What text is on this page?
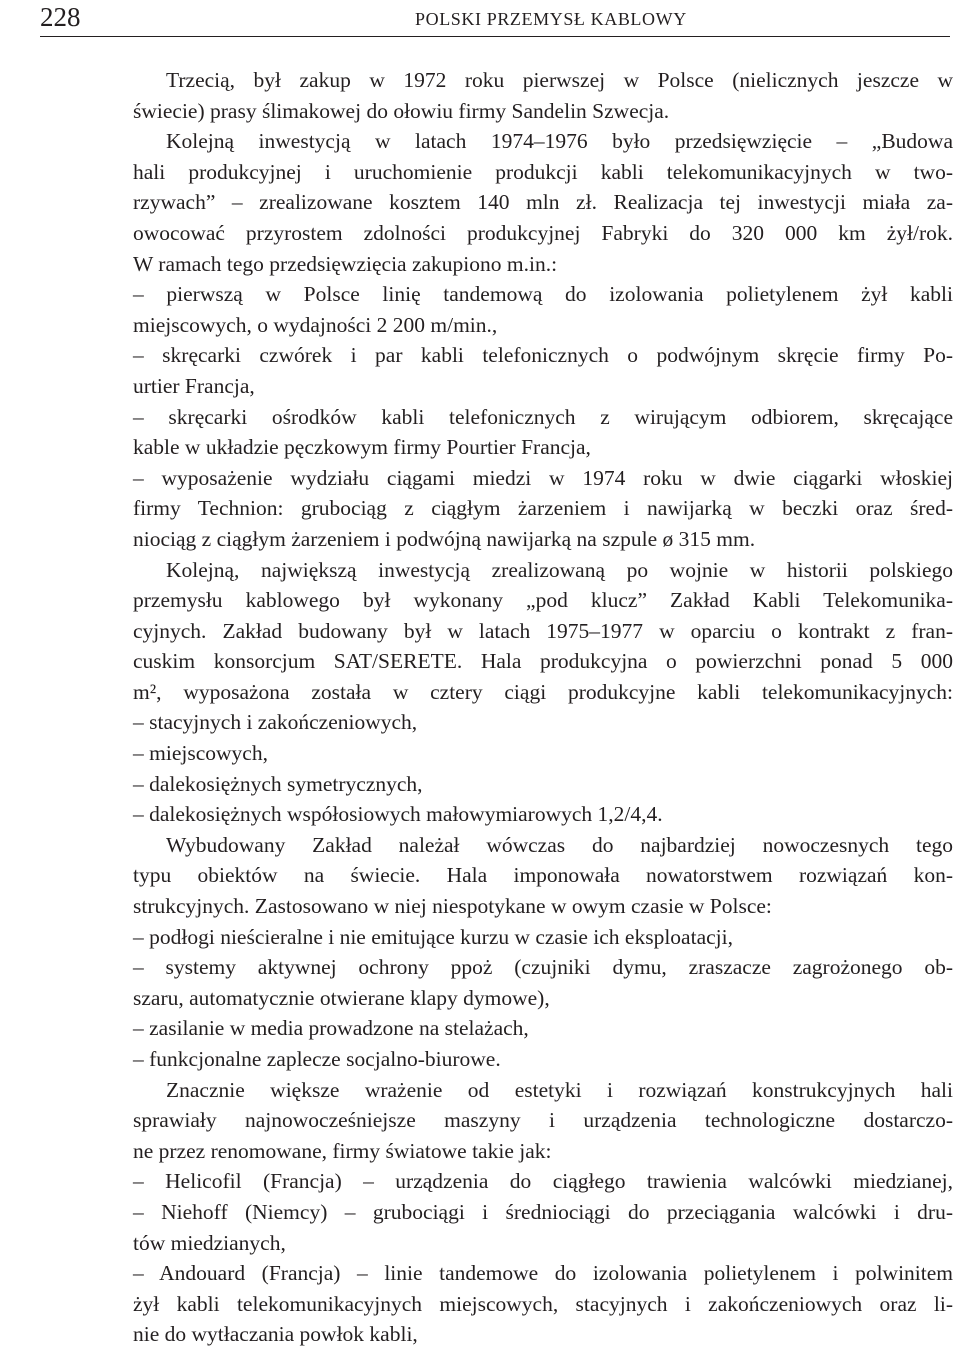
228	POLSKI PRZEMYSŁ KABLOWY
Trzecią, był zakup w 1972 roku pierwszej w Polsce (nielicznych jeszcze w
świecie) prasy ślimakowej do ołowiu firmy Sandelin Szwecja.
Kolejną inwestycją w latach 1974–1976 było przedsięwzięcie – „Budowa
hali produkcyjnej i uruchomienie produkcji kabli telekomunikacyjnych w two-
rzywach” – zrealizowane kosztem 140 mln zł. Realizacja tej inwestycji miała za-
owocować przyrostem zdolności produkcyjnej Fabryki do 320 000 km żył/rok.
W ramach tego przedsięwzięcia zakupiono m.in.:
– pierwszą w Polsce linię tandemową do izolowania polietylenem żył kabli
miejscowych, o wydajności 2 200 m/min.,
– skręcarki czwórek i par kabli telefonicznych o podwójnym skręcie firmy Po-
urtier Francja,
– skręcarki ośrodków kabli telefonicznych z wirującym odbiorem, skręcające
kable w układzie pęczkowym firmy Pourtier Francja,
– wyposażenie wydziału ciągami miedzi w 1974 roku w dwie ciągarki włoskiej
firmy Technion: grubociąg z ciągłym żarzeniem i nawijarką w beczki oraz śred-
niociąg z ciągłym żarzeniem i podwójną nawijarką na szpule ø 315 mm.
Kolejną, największą inwestycją zrealizowaną po wojnie w historii polskiego
przemysłu kablowego był wykonany „pod klucz” Zakład Kabli Telekomunika-
cyjnych. Zakład budowany był w latach 1975–1977 w oparciu o kontrakt z fran-
cuskim konsorcjum SAT/SERETE. Hala produkcyjna o powierzchni ponad 5 000
m², wyposażona została w cztery ciągi produkcyjne kabli telekomunikacyjnych:
– stacyjnych i zakończeniowych,
– miejscowych,
– dalekosiężnych symetrycznych,
– dalekosiężnych współosiowych małowymiarowych 1,2/4,4.
Wybudowany Zakład należał wówczas do najbardziej nowoczesnych tego
typu obiektów na świecie. Hala imponowała nowatorstwem rozwiązań kon-
strukcyjnych. Zastosowano w niej niespotykane w owym czasie w Polsce:
– podłogi nieścieralne i nie emitujące kurzu w czasie ich eksploatacji,
– systemy aktywnej ochrony ppoż (czujniki dymu, zraszacze zagrożonego ob-
szaru, automatycznie otwierane klapy dymowe),
– zasilanie w media prowadzone na stelażach,
– funkcjonalne zaplecze socjalno-biurowe.
Znacznie większe wrażenie od estetyki i rozwiązań konstrukcyjnych hali
sprawiały najnowocześniejsze maszyny i urządzenia technologiczne dostarczo-
ne przez renomowane, firmy światowe takie jak:
– Helicofil (Francja) – urządzenia do ciągłego trawienia walcówki miedzianej,
– Niehoff (Niemcy) – grubociągi i średniociągi do przeciągania walcówki i dru-
tów miedzianych,
– Andouard (Francja) – linie tandemowe do izolowania polietylenem i polwinitem
żył kabli telekomunikacyjnych miejscowych, stacyjnych i zakończeniowych oraz li-
nie do wytłaczania powłok kabli,
